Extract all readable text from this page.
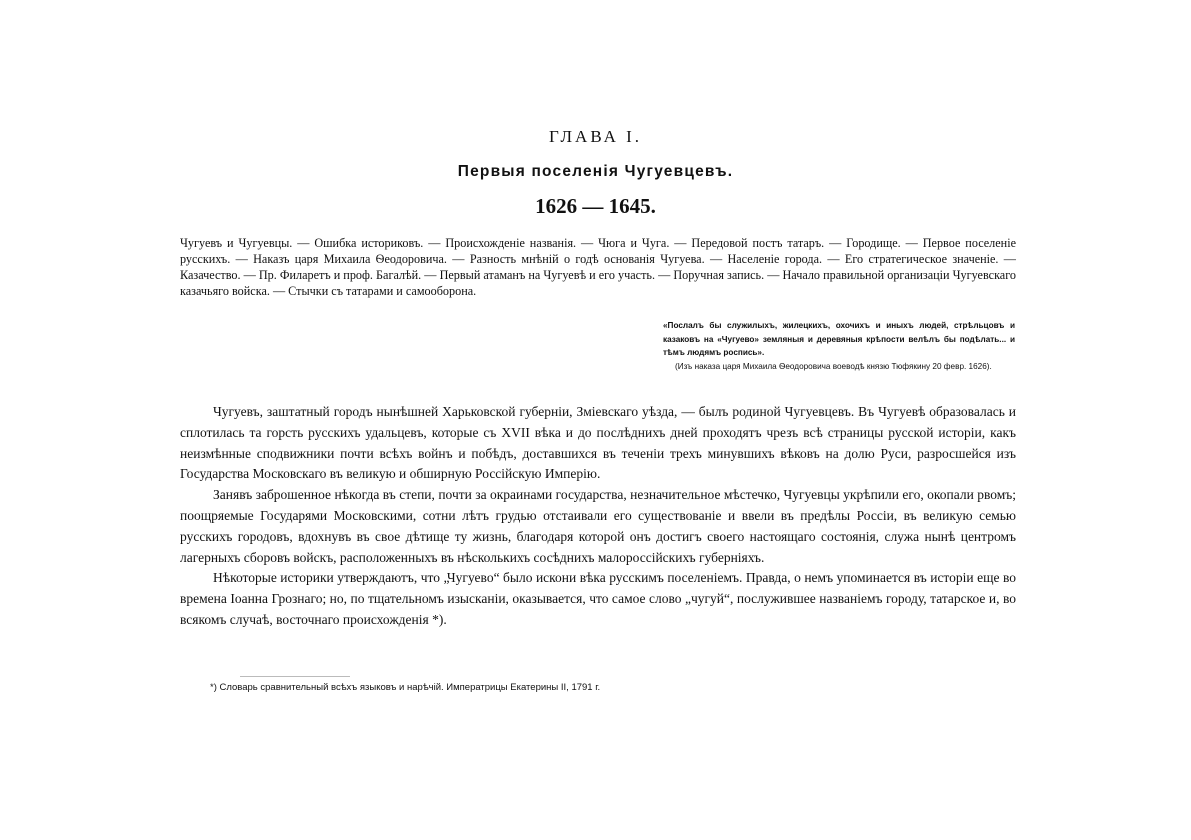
ГЛАВА I.
Первыя поселенія Чугуевцевъ.
1626 — 1645.
Чугуевъ и Чугуевцы. — Ошибка историковъ. — Происхожденіе названія. — Чюга и Чуга. — Передовой постъ татаръ. — Городище. — Первое поселеніе русскихъ. — Наказъ царя Михаила Ѳеодоровича. — Разность мнѣній о годѣ основанія Чугуева. — Населеніе города. — Его стратегическое значеніе. — Казачество. — Пр. Филаретъ и проф. Багалѣй. — Первый атаманъ на Чугуевѣ и его участь. — Поручная запись. — Начало правильной организаціи Чугуевскаго казачьяго войска. — Стычки съ татарами и самооборона.
«Послалъ бы служилыхъ, жилецкихъ, охочихъ и иныхъ людей, стрѣльцовъ и казаковъ на «Чугуево» земляныя и деревяныя крѣпости велѣлъ бы подѣлать... и тѣмъ людямъ роспись».
(Изъ наказа царя Михаила Ѳеодоровича воеводѣ князю Тюфякину 20 февр. 1626).

Чугуевъ, заштатный городъ нынѣшней Харьковской губерніи, Зміевскаго уѣзда, — былъ родиной Чугуевцевъ. Въ Чугуевѣ образовалась и сплотилась та горсть русскихъ удальцевъ, которые съ XVII вѣка и до послѣднихъ дней проходятъ чрезъ всѣ страницы русской исторіи, какъ неизмѣнные сподвижники почти всѣхъ войнъ и побѣдъ, доставшихся въ теченіи трехъ минувшихъ вѣковъ на долю Руси, разросшейся изъ Государства Московскаго въ великую и обширную Россійскую Имперію.

Занявъ заброшенное нѣкогда въ степи, почти за окраинами государства, незначительное мѣстечко, Чугуевцы укрѣпили его, окопали рвомъ; поощряемые Государями Московскими, сотни лѣтъ грудью отстаивали его существованіе и ввели въ предѣлы Россіи, въ великую семью русскихъ городовъ, вдохнувъ въ свое дѣтище ту жизнь, благодаря которой онъ достигъ своего настоящаго состоянія, служа нынѣ центромъ лагерныхъ сборовъ войскъ, расположенныхъ въ нѣсколькихъ сосѣднихъ малороссійскихъ губерніяхъ.

Нѣкоторые историки утверждаютъ, что „Чугуево“ было искони вѣка русскимъ поселеніемъ. Правда, о немъ упоминается въ исторіи еще во времена Іоанна Грознаго; но, по тщательномъ изысканіи, оказывается, что самое слово „чугуй“, послужившее названіемъ городу, татарское и, во всякомъ случаѣ, восточнаго происхожденія *).

*) Словарь сравнительный всѣхъ языковъ и нарѣчій. Императрицы Екатерины II, 1791 г.
